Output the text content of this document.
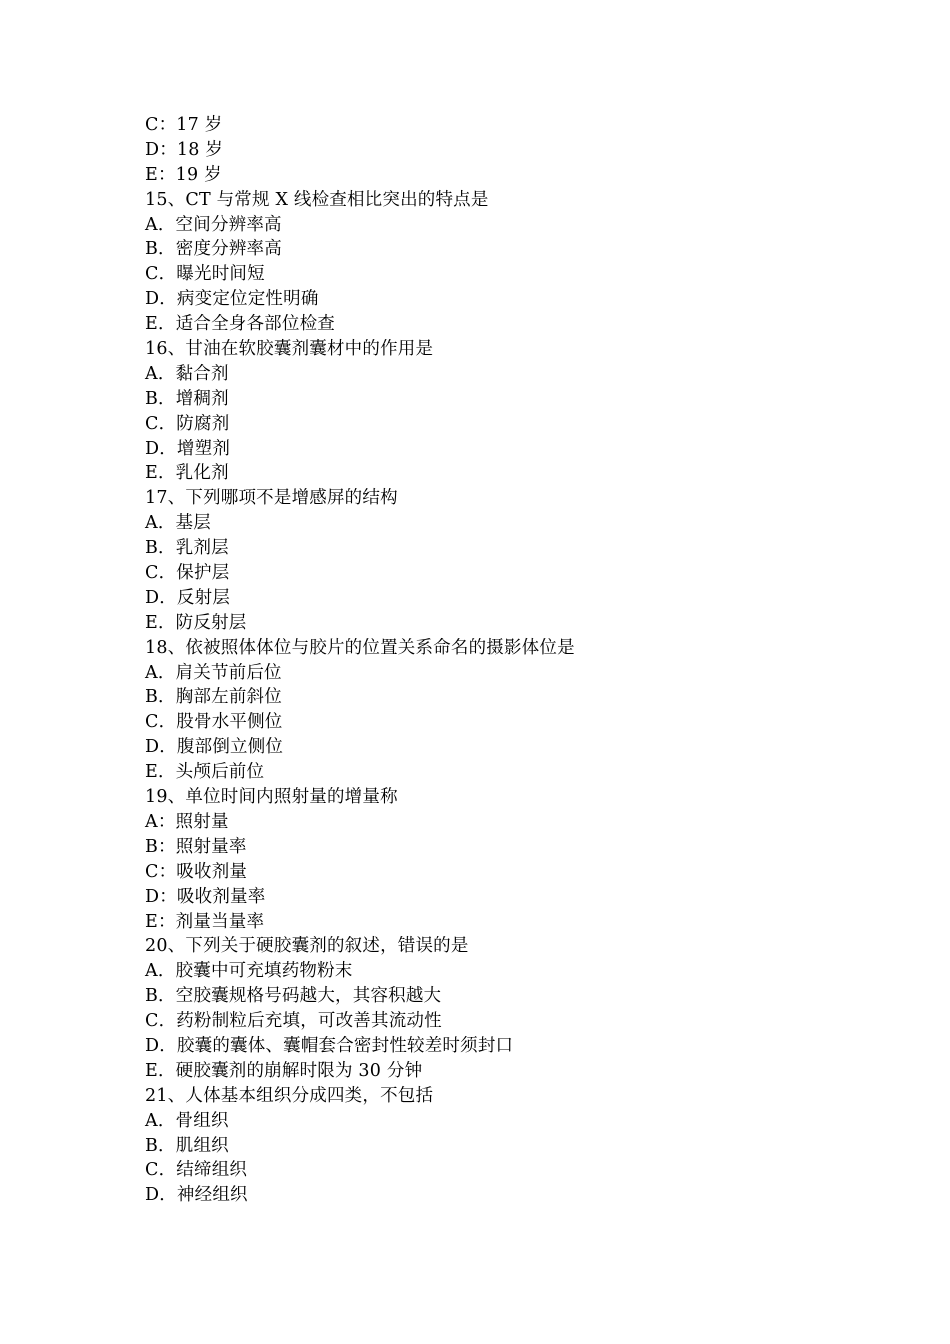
C：17 岁
D：18 岁
E：19 岁
15、CT 与常规 X 线检查相比突出的特点是
A．空间分辨率高
B．密度分辨率高
C．曝光时间短
D．病变定位定性明确
E．适合全身各部位检查
16、甘油在软胶囊剂囊材中的作用是
A．黏合剂
B．增稠剂
C．防腐剂
D．增塑剂
E．乳化剂
17、下列哪项不是增感屏的结构
A．基层
B．乳剂层
C．保护层
D．反射层
E．防反射层
18、依被照体体位与胶片的位置关系命名的摄影体位是
A．肩关节前后位
B．胸部左前斜位
C．股骨水平侧位
D．腹部倒立侧位
E．头颅后前位
19、单位时间内照射量的增量称
A：照射量
B：照射量率
C：吸收剂量
D：吸收剂量率
E：剂量当量率
20、下列关于硬胶囊剂的叙述，错误的是
A．胶囊中可充填药物粉末
B．空胶囊规格号码越大，其容积越大
C．药粉制粒后充填，可改善其流动性
D．胶囊的囊体、囊帽套合密封性较差时须封口
E．硬胶囊剂的崩解时限为 30 分钟
21、人体基本组织分成四类，不包括
A．骨组织
B．肌组织
C．结缔组织
D．神经组织
